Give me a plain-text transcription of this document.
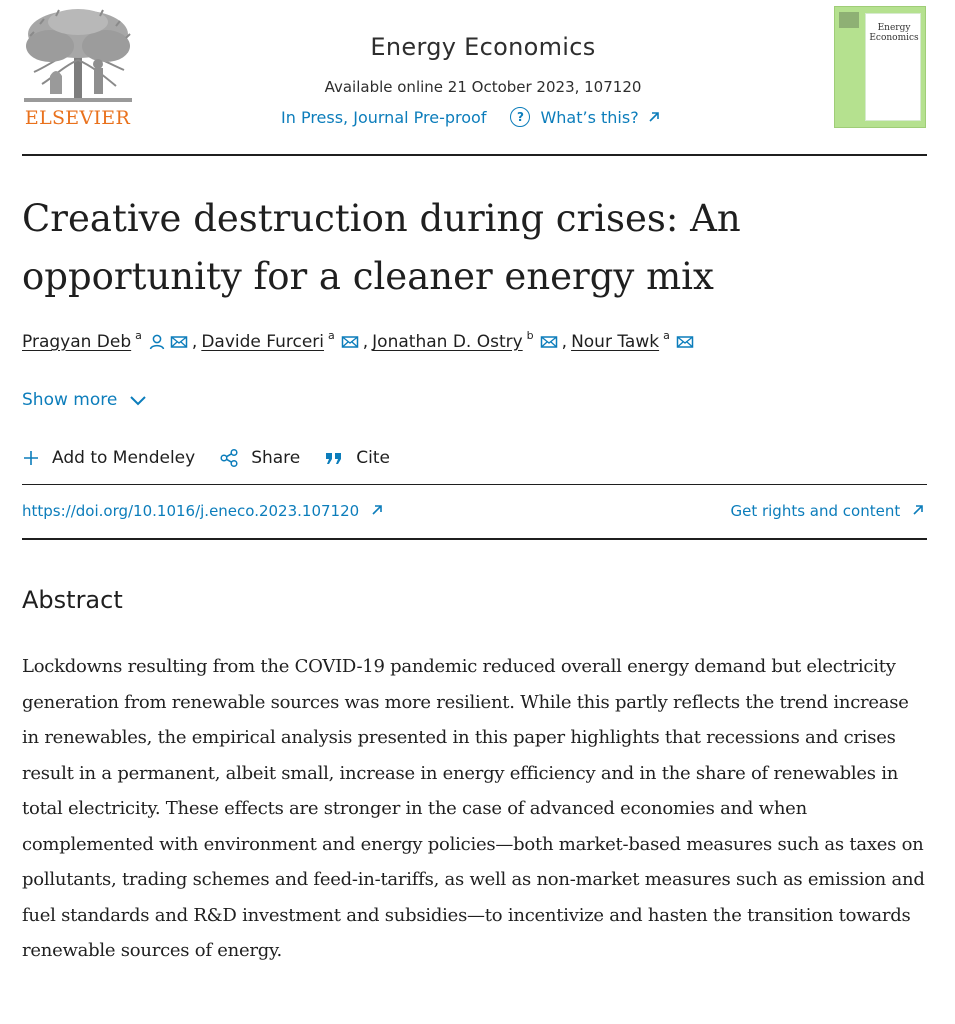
ELSEVIER
Energy Economics
Available online 21 October 2023, 107120
In Press, Journal Pre-proof	?	What’s this?
Energy Economics
Creative destruction during crises: An opportunity for a cleaner energy mix
Pragyan Deb a	, Davide Furceri a , Jonathan D. Ostry b , Nour Tawk a
Show more
Add to Mendeley	Share	Cite
https://doi.org/10.1016/j.eneco.2023.107120	Get rights and content
Abstract

Lockdowns resulting from the COVID-19 pandemic reduced overall energy demand but electricity generation from renewable sources was more resilient. While this partly reflects the trend increase in renewables, the empirical analysis presented in this paper highlights that recessions and crises result in a permanent, albeit small, increase in energy efficiency and in the share of renewables in total electricity. These effects are stronger in the case of advanced economies and when complemented with environment and energy policies—both market-based measures such as taxes on pollutants, trading schemes and feed-in-tariffs, as well as non-market measures such as emission and fuel standards and R&D investment and subsidies—to incentivize and hasten the transition towards renewable sources of energy.
